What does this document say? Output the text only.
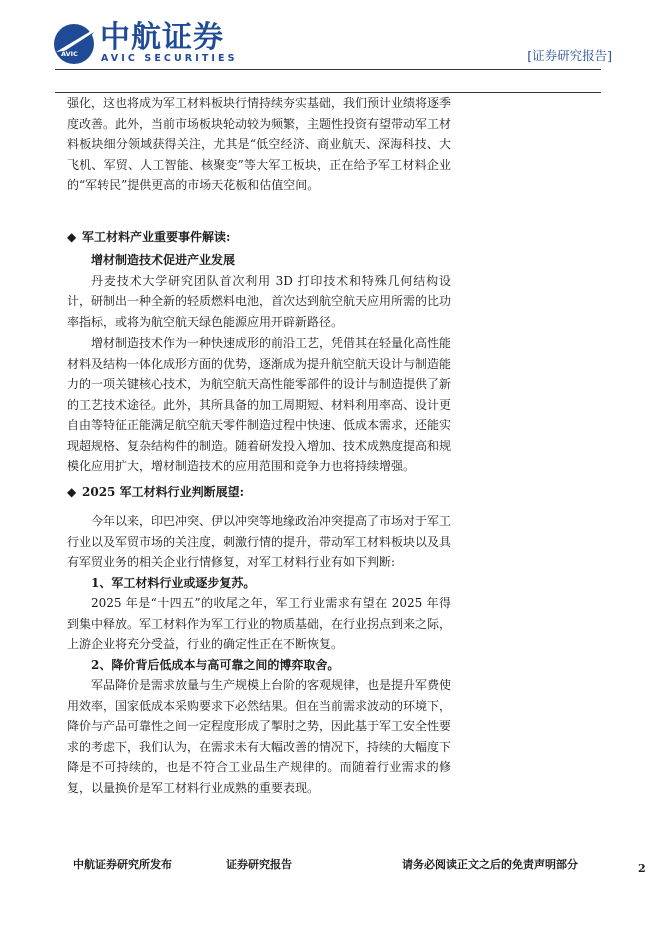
AVIC 中航证券
AVIC SECURITIES	[证券研究报告]

强化，这也将成为军工材料板块行情持续夯实基础，我们预计业绩将逐季度改善。此外，当前市场板块轮动较为频繁，主题性投资有望带动军工材料板块细分领域获得关注，尤其是“低空经济、商业航天、深海科技、大飞机、军贸、人工智能、核聚变”等大军工板块，正在给予军工材料企业的“军转民”提供更高的市场天花板和估值空间。

◆ 军工材料产业重要事件解读:

增材制造技术促进产业发展

丹麦技术大学研究团队首次利用 3D 打印技术和特殊几何结构设计，研制出一种全新的轻质燃料电池，首次达到航空航天应用所需的比功率指标，或将为航空航天绿色能源应用开辟新路径。

增材制造技术作为一种快速成形的前沿工艺，凭借其在轻量化高性能材料及结构一体化成形方面的优势，逐渐成为提升航空航天设计与制造能力的一项关键核心技术，为航空航天高性能零部件的设计与制造提供了新的工艺技术途径。此外，其所具备的加工周期短、材料利用率高、设计更自由等特征正能满足航空航天零件制造过程中快速、低成本需求，还能实现超规格、复杂结构件的制造。随着研发投入增加、技术成熟度提高和规模化应用扩大，增材制造技术的应用范围和竞争力也将持续增强。

◆ 2025 军工材料行业判断展望:

今年以来，印巴冲突、伊以冲突等地缘政治冲突提高了市场对于军工行业以及军贸市场的关注度，刺激行情的提升，带动军工材料板块以及具有军贸业务的相关企业行情修复，对军工材料行业有如下判断:

1、军工材料行业或逐步复苏。

2025 年是“十四五”的收尾之年，军工行业需求有望在 2025 年得到集中释放。军工材料作为军工行业的物质基础，在行业拐点到来之际，上游企业将充分受益，行业的确定性正在不断恢复。

2、降价背后低成本与高可靠之间的博弈取舍。

军品降价是需求放量与生产规模上台阶的客观规律，也是提升军费使用效率，国家低成本采购要求下必然结果。但在当前需求波动的环境下，降价与产品可靠性之间一定程度形成了掣肘之势，因此基于军工安全性要求的考虑下，我们认为，在需求未有大幅改善的情况下，持续的大幅度下降是不可持续的，也是不符合工业品生产规律的。而随着行业需求的修复，以量换价是军工材料行业成熟的重要表现。

中航证券研究所发布	证券研究报告	请务必阅读正文之后的免责声明部分	2
